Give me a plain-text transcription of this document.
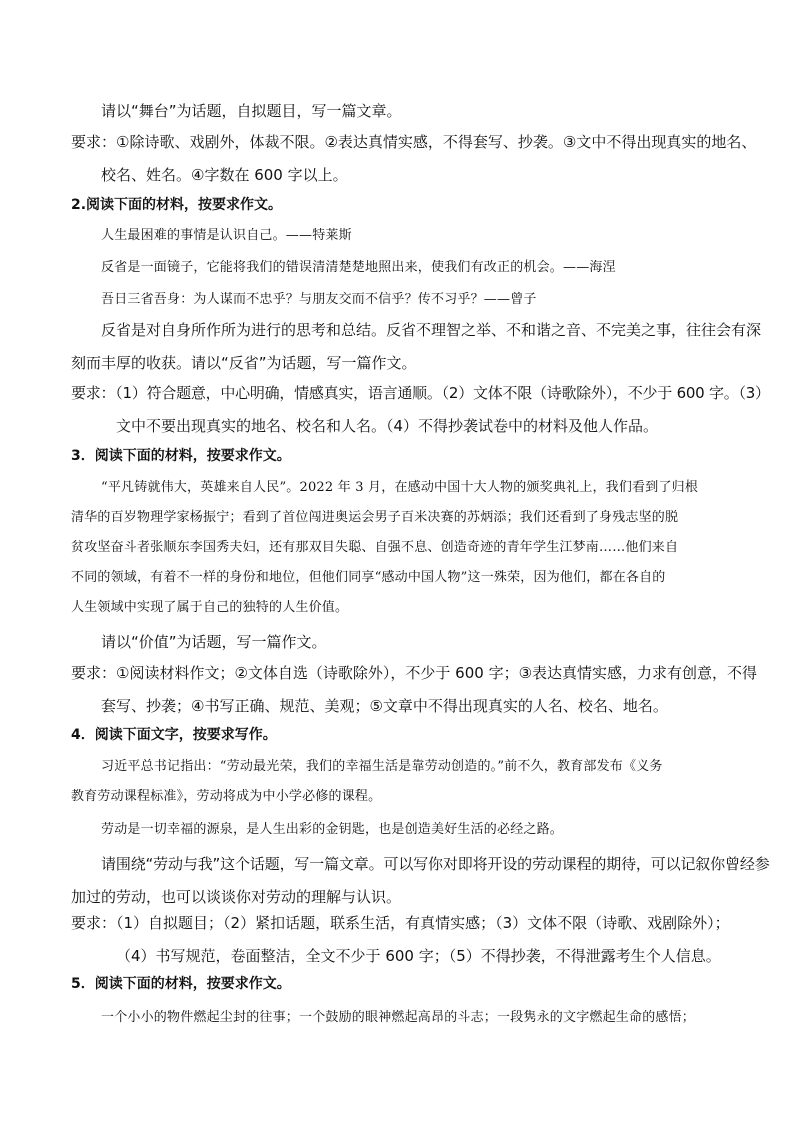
请以“舞台”为话题，自拟题目，写一篇文章。
要求：①除诗歌、戏剧外，体裁不限。②表达真情实感，不得套写、抄袭。③文中不得出现真实的地名、
校名、姓名。④字数在 600 字以上。
2.阅读下面的材料，按要求作文。
人生最困难的事情是认识自己。——特莱斯
反省是一面镜子，它能将我们的错误清清楚楚地照出来，使我们有改正的机会。——海涅
吾日三省吾身：为人谋而不忠乎？与朋友交而不信乎？传不习乎？——曾子
反省是对自身所作所为进行的思考和总结。反省不理智之举、不和谐之音、不完美之事，往往会有深
刻而丰厚的收获。请以“反省”为话题，写一篇作文。
要求：（1）符合题意，中心明确，情感真实，语言通顺。（2）文体不限（诗歌除外），不少于 600 字。（3）
文中不要出现真实的地名、校名和人名。（4）不得抄袭试卷中的材料及他人作品。
3．阅读下面的材料，按要求作文。
“平凡铸就伟大，英雄来自人民”。2022 年 3 月，在感动中国十大人物的颁奖典礼上，我们看到了归根
清华的百岁物理学家杨振宁；看到了首位闯进奥运会男子百米决赛的苏炳添；我们还看到了身残志坚的脱
贫攻坚奋斗者张顺东李国秀夫妇，还有那双目失聪、自强不息、创造奇迹的青年学生江梦南……他们来自
不同的领域，有着不一样的身份和地位，但他们同享“感动中国人物”这一殊荣，因为他们，都在各自的
人生领域中实现了属于自己的独特的人生价值。
请以“价值”为话题，写一篇作文。
要求：①阅读材料作文；②文体自选（诗歌除外），不少于 600 字；③表达真情实感，力求有创意，不得
套写、抄袭；④书写正确、规范、美观；⑤文章中不得出现真实的人名、校名、地名。
4．阅读下面文字，按要求写作。
习近平总书记指出：“劳动最光荣，我们的幸福生活是靠劳动创造的。”前不久，教育部发布《义务
教育劳动课程标准》，劳动将成为中小学必修的课程。
劳动是一切幸福的源泉，是人生出彩的金钥匙，也是创造美好生活的必经之路。
请围绕“劳动与我”这个话题，写一篇文章。可以写你对即将开设的劳动课程的期待，可以记叙你曾经参
加过的劳动，也可以谈谈你对劳动的理解与认识。
要求：（1）自拟题目；（2）紧扣话题，联系生活，有真情实感；（3）文体不限（诗歌、戏剧除外）；
（4）书写规范，卷面整洁，全文不少于 600 字；（5）不得抄袭，不得泄露考生个人信息。
5．阅读下面的材料，按要求作文。
一个小小的物件燃起尘封的往事；一个鼓励的眼神燃起高昂的斗志；一段隽永的文字燃起生命的感悟；
